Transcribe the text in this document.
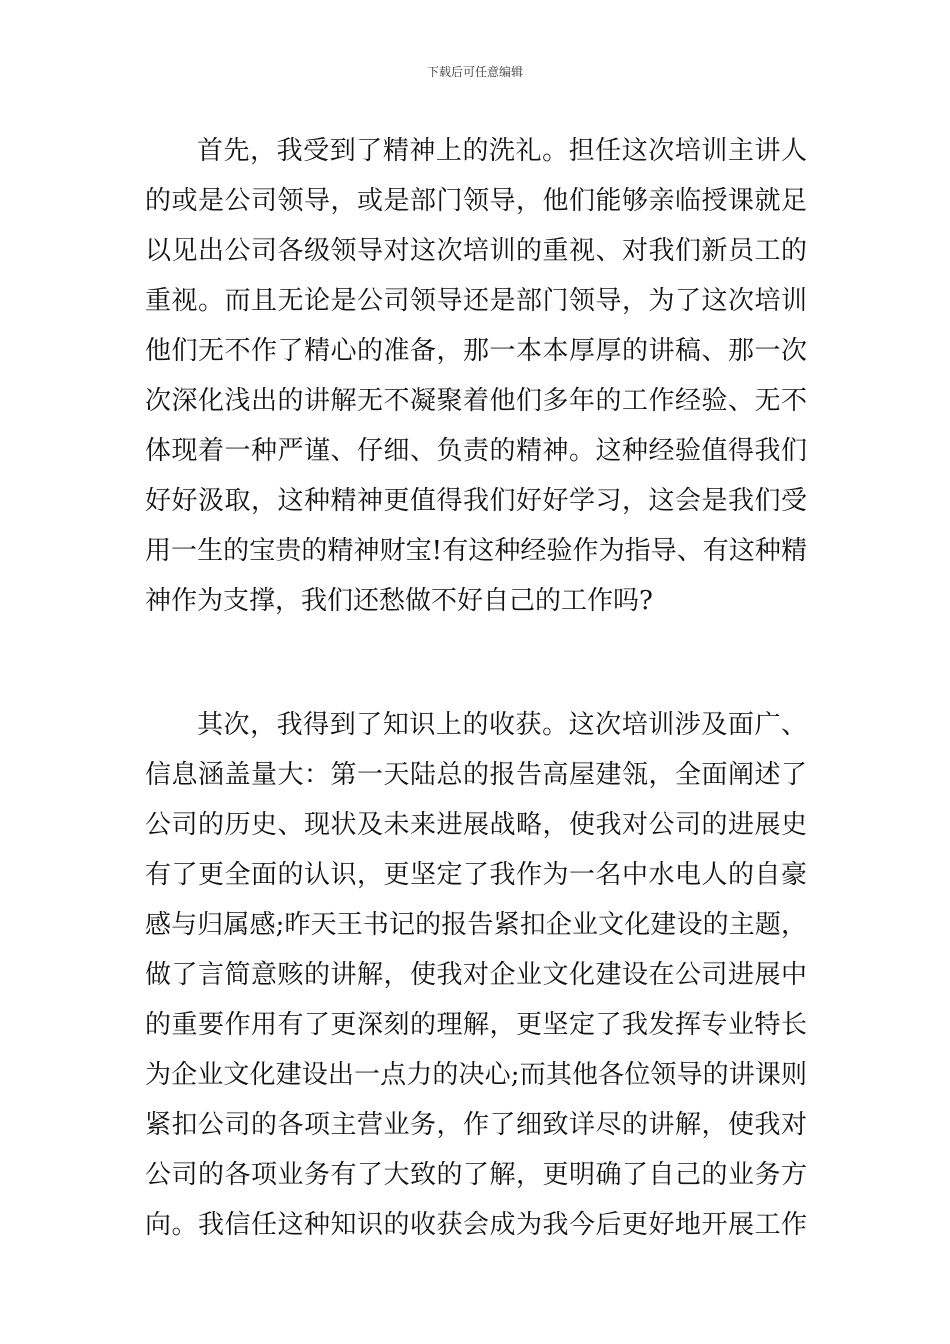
下载后可任意编辑
首先，我受到了精神上的洗礼。担任这次培训主讲人
的或是公司领导，或是部门领导，他们能够亲临授课就足
以见出公司各级领导对这次培训的重视、对我们新员工的
重视。而且无论是公司领导还是部门领导，为了这次培训
他们无不作了精心的准备，那一本本厚厚的讲稿、那一次
次深化浅出的讲解无不凝聚着他们多年的工作经验、无不
体现着一种严谨、仔细、负责的精神。这种经验值得我们
好好汲取，这种精神更值得我们好好学习，这会是我们受
用一生的宝贵的精神财宝!有这种经验作为指导、有这种精
神作为支撑，我们还愁做不好自己的工作吗?
其次，我得到了知识上的收获。这次培训涉及面广、
信息涵盖量大：第一天陆总的报告高屋建瓴，全面阐述了
公司的历史、现状及未来进展战略，使我对公司的进展史
有了更全面的认识，更坚定了我作为一名中水电人的自豪
感与归属感;昨天王书记的报告紧扣企业文化建设的主题，
做了言简意赅的讲解，使我对企业文化建设在公司进展中
的重要作用有了更深刻的理解，更坚定了我发挥专业特长
为企业文化建设出一点力的决心;而其他各位领导的讲课则
紧扣公司的各项主营业务，作了细致详尽的讲解，使我对
公司的各项业务有了大致的了解，更明确了自己的业务方
向。我信任这种知识的收获会成为我今后更好地开展工作
